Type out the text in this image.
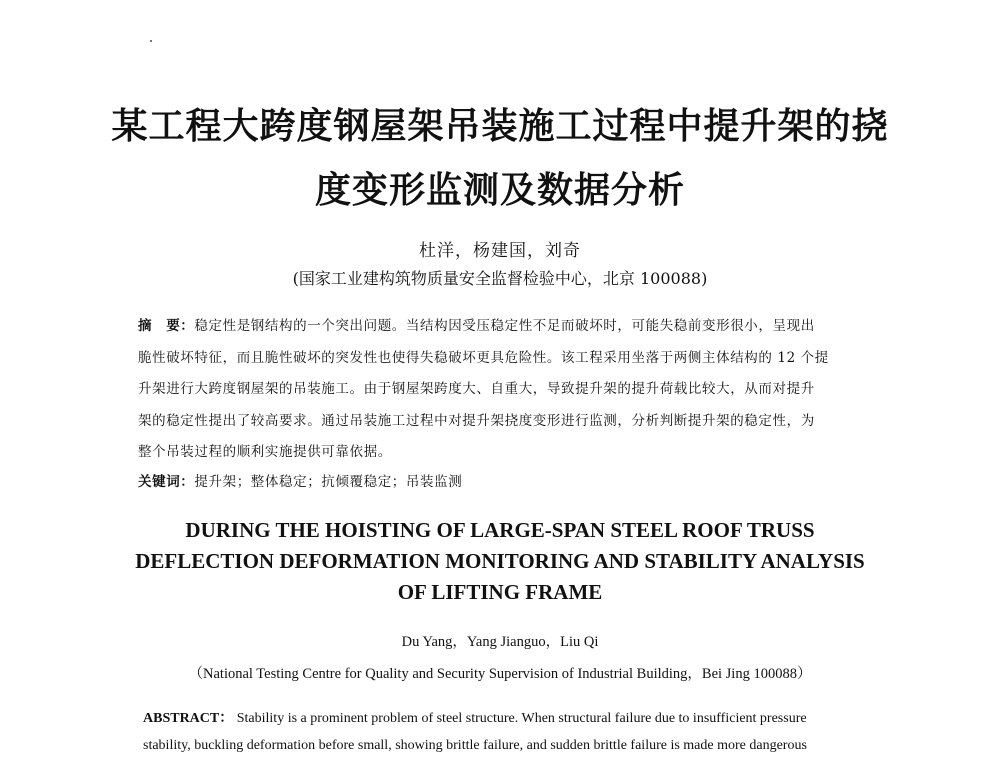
某工程大跨度钢屋架吊装施工过程中提升架的挠
度变形监测及数据分析
杜洋，杨建国，刘奇
(国家工业建构筑物质量安全监督检验中心，北京 100088)

摘　要：稳定性是钢结构的一个突出问题。当结构因受压稳定性不足而破坏时，可能失稳前变形很小，呈现出
脆性破坏特征，而且脆性破坏的突发性也使得失稳破坏更具危险性。该工程采用坐落于两侧主体结构的 12 个提
升架进行大跨度钢屋架的吊装施工。由于钢屋架跨度大、自重大，导致提升架的提升荷载比较大，从而对提升
架的稳定性提出了较高要求。通过吊装施工过程中对提升架挠度变形进行监测，分析判断提升架的稳定性，为
整个吊装过程的顺利实施提供可靠依据。

关键词：提升架；整体稳定；抗倾覆稳定；吊装监测
DURING THE HOISTING OF LARGE-SPAN STEEL ROOF TRUSS
DEFLECTION DEFORMATION MONITORING AND STABILITY ANALYSIS
OF LIFTING FRAME
Du Yang，Yang Jianguo，Liu Qi
（National Testing Centre for Quality and Security Supervision of Industrial Building，Bei Jing 100088）

ABSTRACT： Stability is a prominent problem of steel structure. When structural failure due to insufficient pressure
stability, buckling deformation before small, showing brittle failure, and sudden brittle failure is made more dangerous
